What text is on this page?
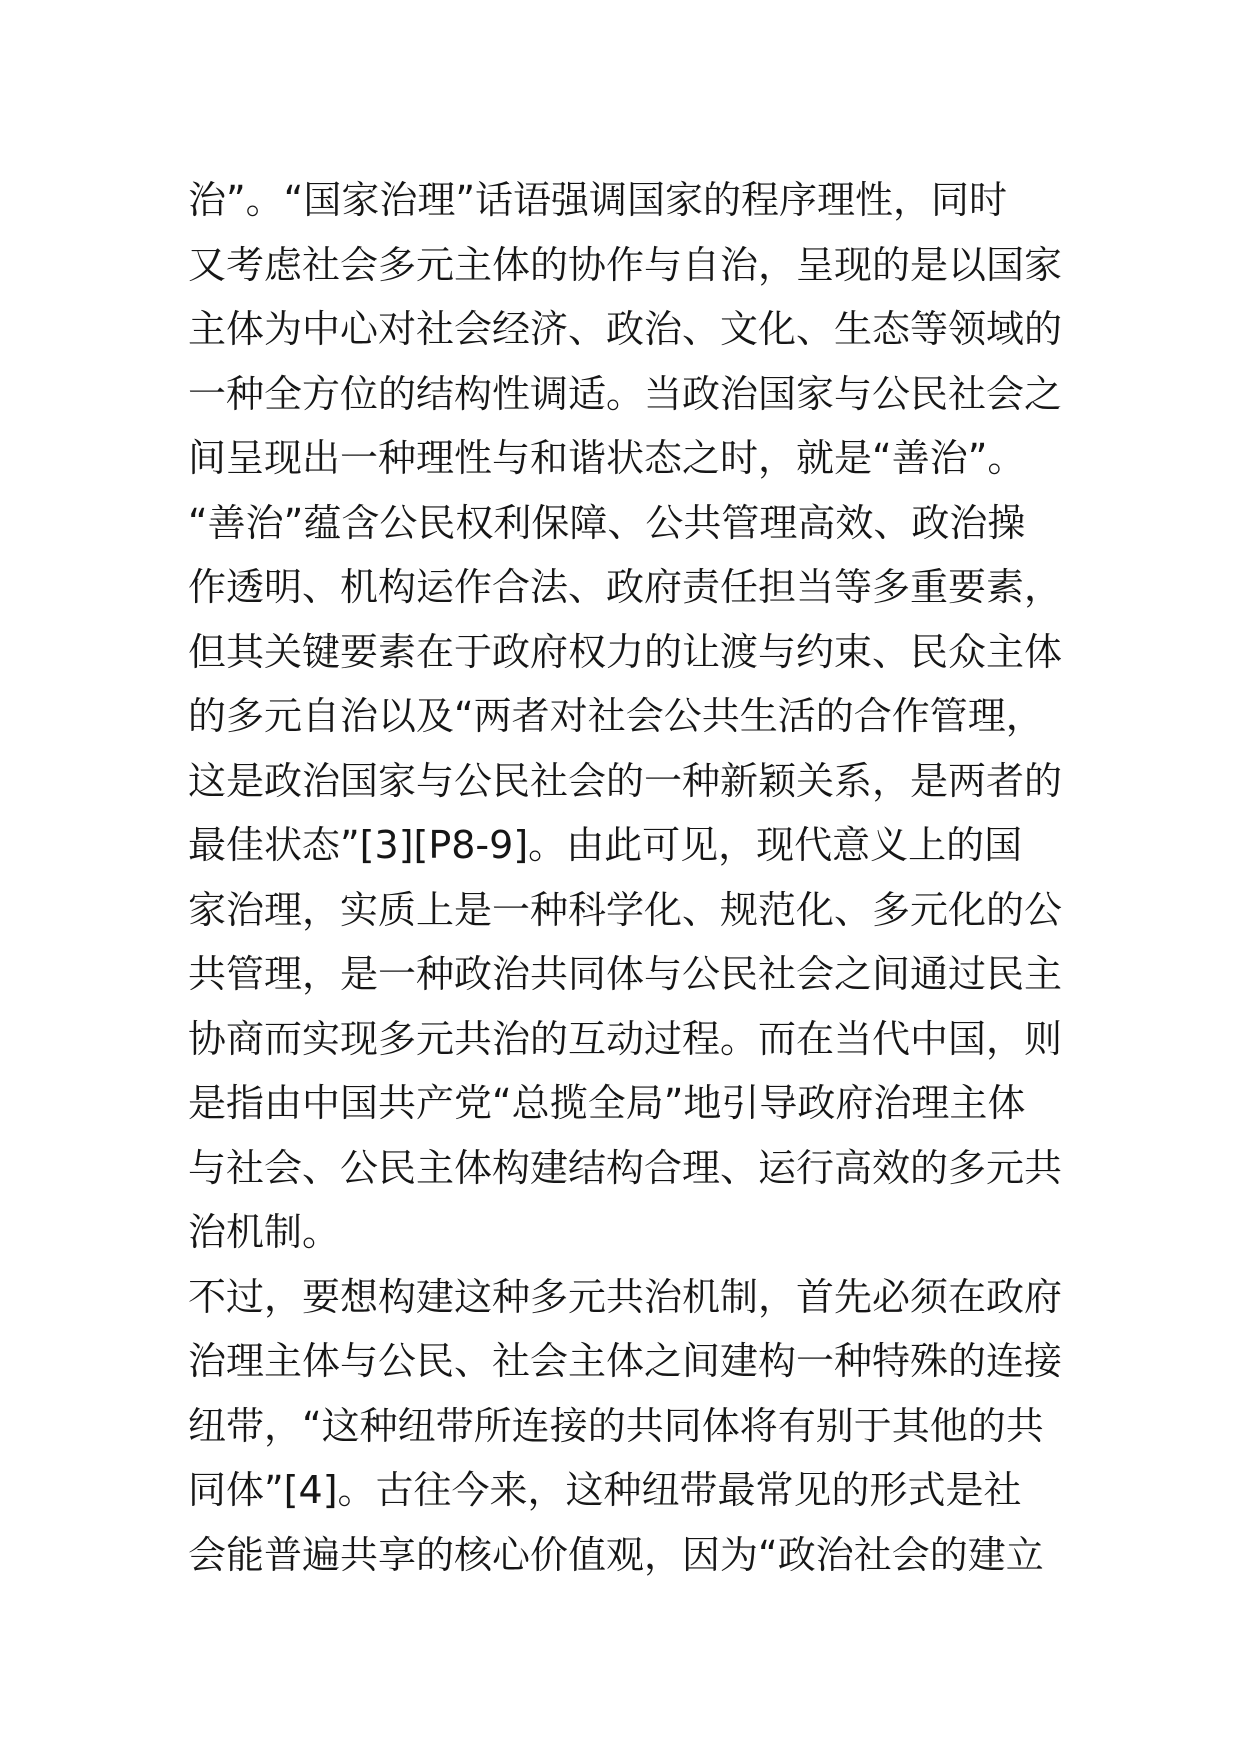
治”。“国家治理”话语强调国家的程序理性，同时
又考虑社会多元主体的协作与自治，呈现的是以国家
主体为中心对社会经济、政治、文化、生态等领域的
一种全方位的结构性调适。当政治国家与公民社会之
间呈现出一种理性与和谐状态之时，就是“善治”。
“善治”蕴含公民权利保障、公共管理高效、政治操
作透明、机构运作合法、政府责任担当等多重要素，
但其关键要素在于政府权力的让渡与约束、民众主体
的多元自治以及“两者对社会公共生活的合作管理，
这是政治国家与公民社会的一种新颖关系，是两者的
最佳状态”[3][P8-9]。由此可见，现代意义上的国
家治理，实质上是一种科学化、规范化、多元化的公
共管理，是一种政治共同体与公民社会之间通过民主
协商而实现多元共治的互动过程。而在当代中国，则
是指由中国共产党“总揽全局”地引导政府治理主体
与社会、公民主体构建结构合理、运行高效的多元共
治机制。
不过，要想构建这种多元共治机制，首先必须在政府
治理主体与公民、社会主体之间建构一种特殊的连接
纽带，“这种纽带所连接的共同体将有别于其他的共
同体”[4]。古往今来，这种纽带最常见的形式是社
会能普遍共享的核心价值观，因为“政治社会的建立
